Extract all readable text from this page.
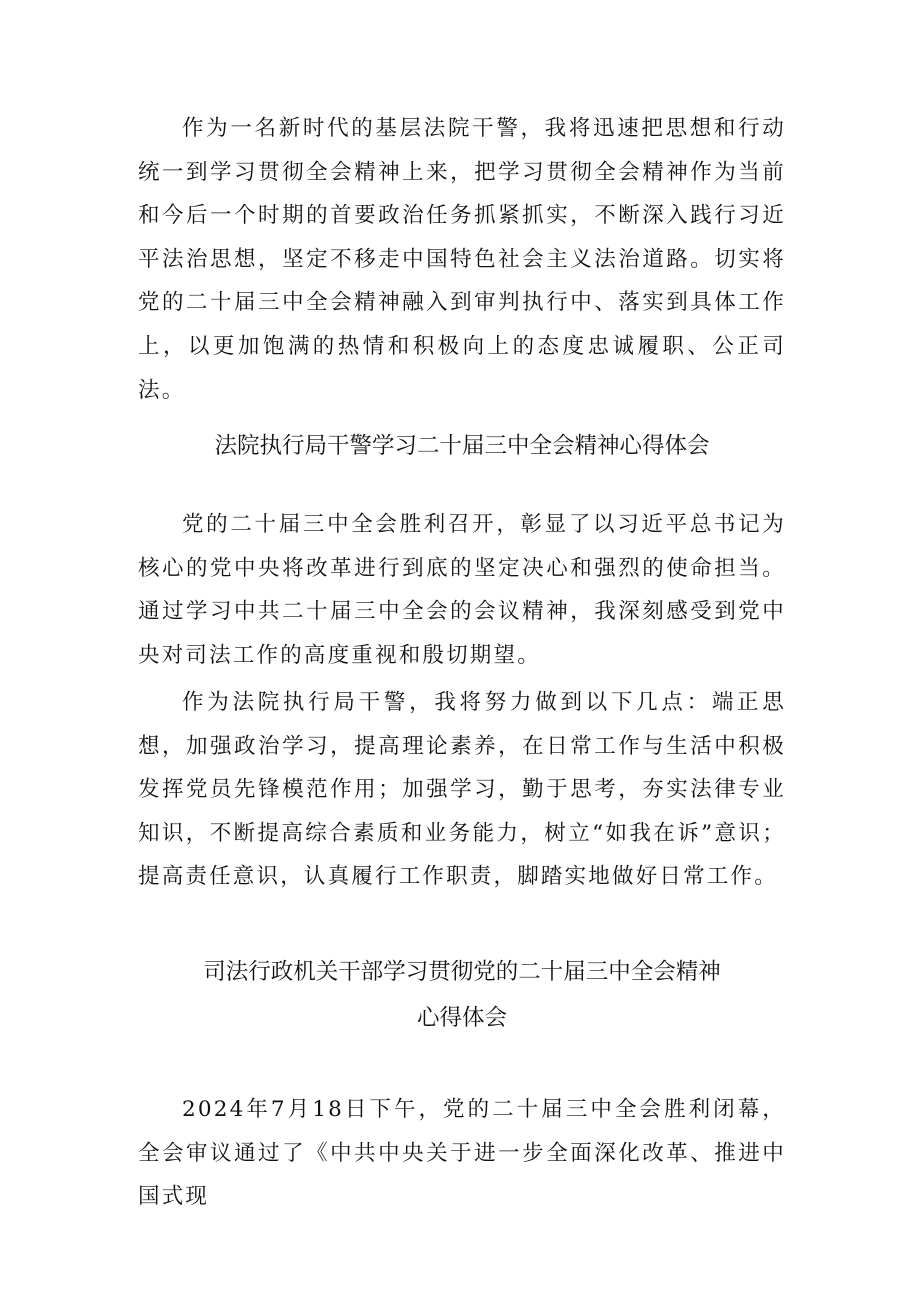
作为一名新时代的基层法院干警，我将迅速把思想和行动统一到学习贯彻全会精神上来，把学习贯彻全会精神作为当前和今后一个时期的首要政治任务抓紧抓实，不断深入践行习近平法治思想，坚定不移走中国特色社会主义法治道路。切实将党的二十届三中全会精神融入到审判执行中、落实到具体工作上，以更加饱满的热情和积极向上的态度忠诚履职、公正司法。

法院执行局干警学习二十届三中全会精神心得体会

党的二十届三中全会胜利召开，彰显了以习近平总书记为核心的党中央将改革进行到底的坚定决心和强烈的使命担当。通过学习中共二十届三中全会的会议精神，我深刻感受到党中央对司法工作的高度重视和殷切期望。

作为法院执行局干警，我将努力做到以下几点：端正思想，加强政治学习，提高理论素养，在日常工作与生活中积极发挥党员先锋模范作用；加强学习，勤于思考，夯实法律专业知识，不断提高综合素质和业务能力，树立“如我在诉”意识；提高责任意识，认真履行工作职责，脚踏实地做好日常工作。

司法行政机关干部学习贯彻党的二十届三中全会精神
心得体会

2024年7月18日下午，党的二十届三中全会胜利闭幕，全会审议通过了《中共中央关于进一步全面深化改革、推进中国式现
